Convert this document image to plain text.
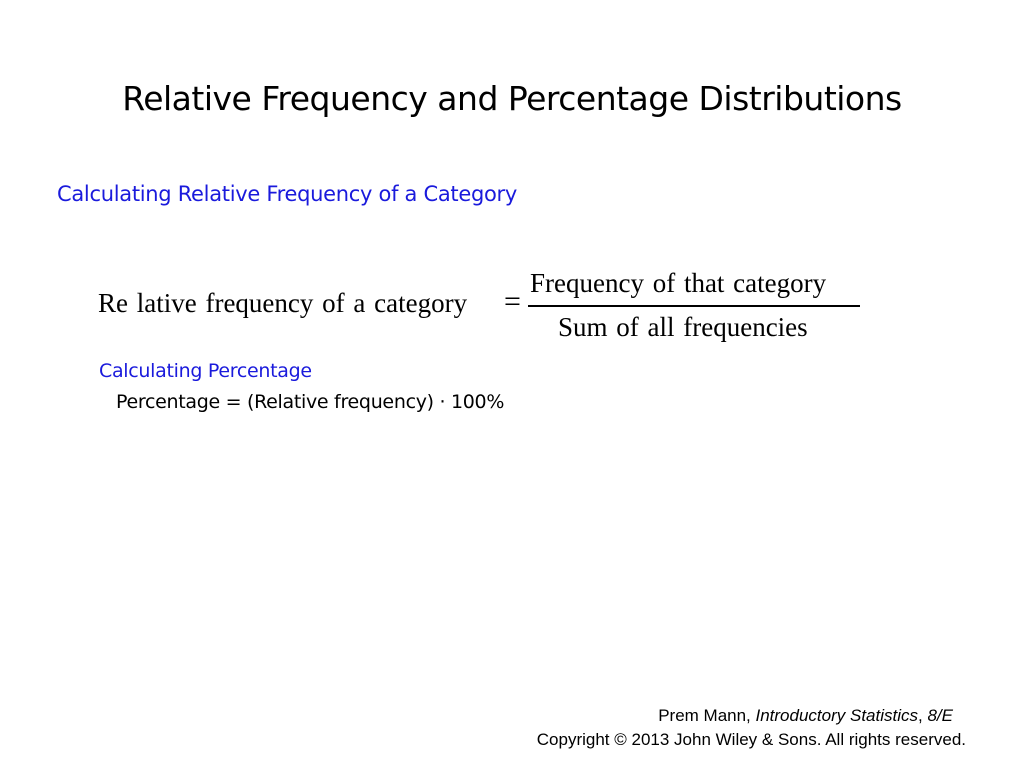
Relative Frequency and Percentage Distributions
Calculating Relative Frequency of a Category
Re lative frequency of a category =
Frequency of that category
Sum of all frequencies
Calculating Percentage
Percentage = (Relative frequency) · 100%
Prem Mann, Introductory Statistics, 8/E
Copyright © 2013 John Wiley & Sons. All rights reserved.
